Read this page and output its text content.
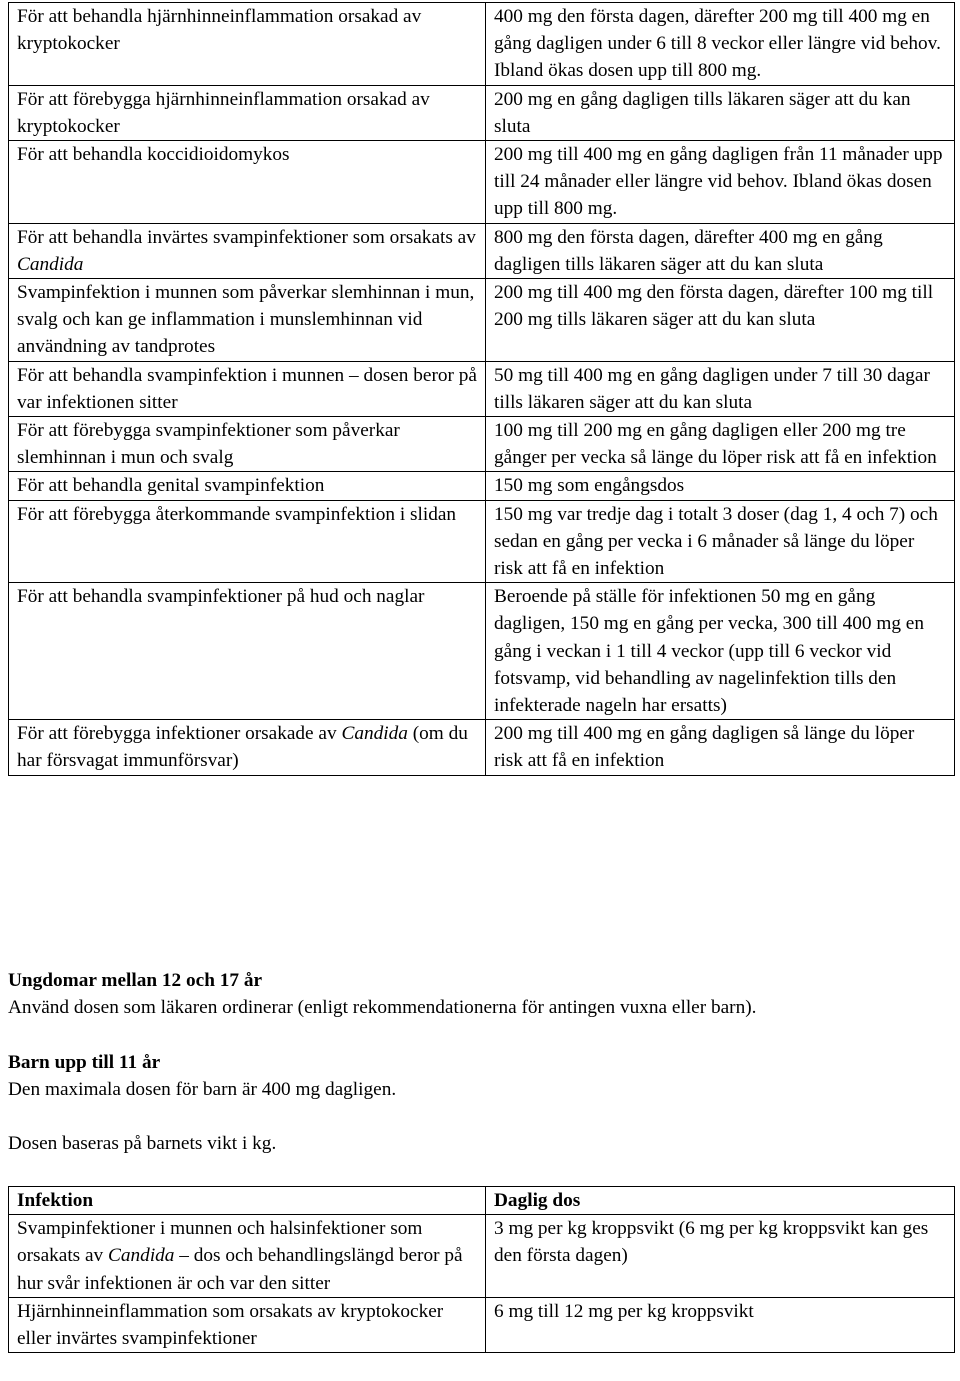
För att behandla hjärnhinneinflammation orsakad av kryptokocker	400 mg den första dagen, därefter 200 mg till 400 mg en gång dagligen under 6 till 8 veckor eller längre vid behov. Ibland ökas dosen upp till 800 mg.
För att förebygga hjärnhinneinflammation orsakad av kryptokocker	200 mg en gång dagligen tills läkaren säger att du kan sluta
För att behandla koccidioidomykos	200 mg till 400 mg en gång dagligen från 11 månader upp till 24 månader eller längre vid behov. Ibland ökas dosen upp till 800 mg.
För att behandla invärtes svampinfektioner som orsakats av Candida	800 mg den första dagen, därefter 400 mg en gång dagligen tills läkaren säger att du kan sluta
Svampinfektion i munnen som påverkar slemhinnan i mun, svalg och kan ge inflammation i munslemhinnan vid användning av tandprotes	200 mg till 400 mg den första dagen, därefter 100 mg till 200 mg tills läkaren säger att du kan sluta
För att behandla svampinfektion i munnen – dosen beror på var infektionen sitter	50 mg till 400 mg en gång dagligen under 7 till 30 dagar tills läkaren säger att du kan sluta
För att förebygga svampinfektioner som påverkar slemhinnan i mun och svalg	100 mg till 200 mg en gång dagligen eller 200 mg tre gånger per vecka så länge du löper risk att få en infektion
För att behandla genital svampinfektion	150 mg som engångsdos
För att förebygga återkommande svampinfektion i slidan	150 mg var tredje dag i totalt 3 doser (dag 1, 4 och 7) och sedan en gång per vecka i 6 månader så länge du löper risk att få en infektion
För att behandla svampinfektioner på hud och naglar	Beroende på ställe för infektionen 50 mg en gång dagligen, 150 mg en gång per vecka, 300 till 400 mg en gång i veckan i 1 till 4 veckor (upp till 6 veckor vid fotsvamp, vid behandling av nagelinfektion tills den infekterade nageln har ersatts)
För att förebygga infektioner orsakade av Candida (om du har försvagat immunförsvar)	200 mg till 400 mg en gång dagligen så länge du löper risk att få en infektion
Ungdomar mellan 12 och 17 år
Använd dosen som läkaren ordinerar (enligt rekommendationerna för antingen vuxna eller barn).
Barn upp till 11 år
Den maximala dosen för barn är 400 mg dagligen.
Dosen baseras på barnets vikt i kg.
Infektion	Daglig dos
Svampinfektioner i munnen och halsinfektioner som orsakats av Candida – dos och behandlingslängd beror på hur svår infektionen är och var den sitter	3 mg per kg kroppsvikt (6 mg per kg kroppsvikt kan ges den första dagen)
Hjärnhinneinflammation som orsakats av kryptokocker eller invärtes svampinfektioner	6 mg till 12 mg per kg kroppsvikt
